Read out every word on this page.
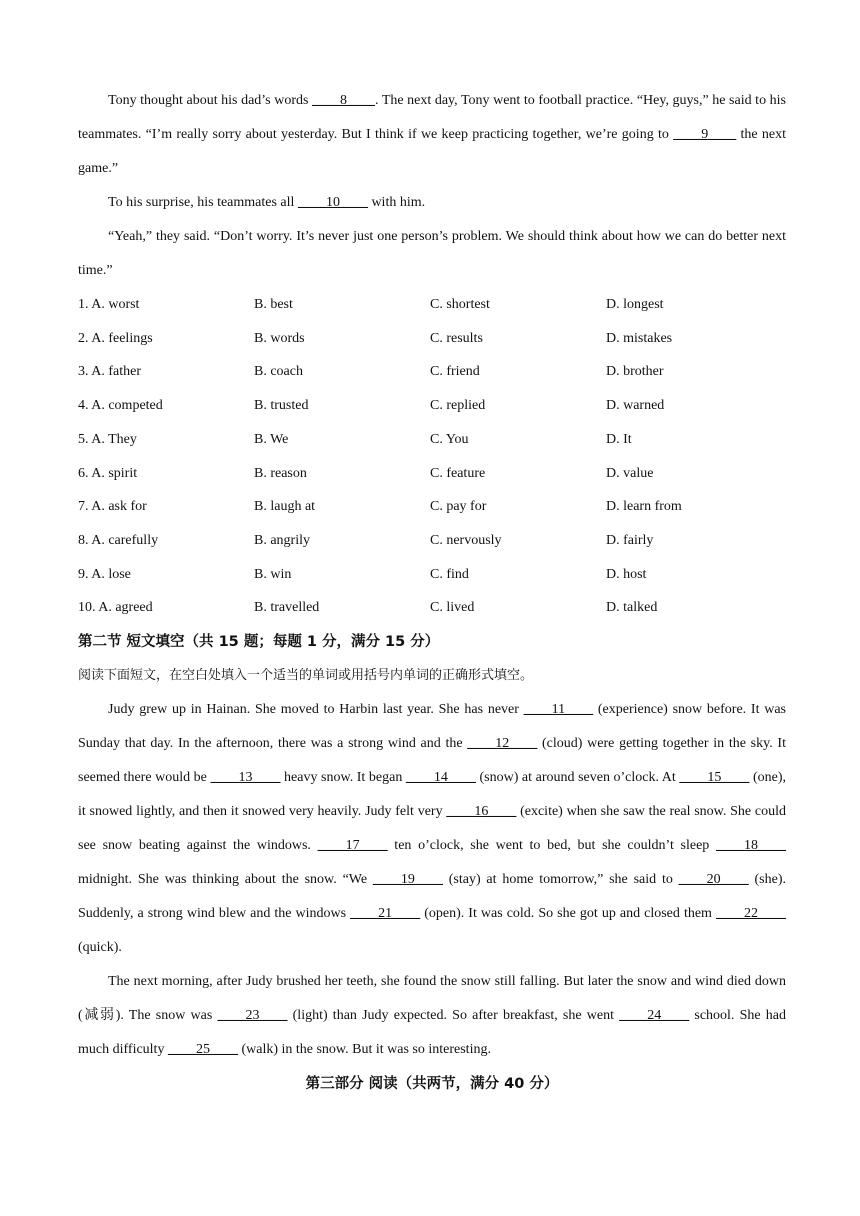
Tony thought about his dad’s words ____8____. The next day, Tony went to football practice. “Hey, guys,” he said to his teammates. “I’m really sorry about yesterday. But I think if we keep practicing together, we’re going to ____9____ the next game.”

To his surprise, his teammates all ____10____ with him.

“Yeah,” they said. “Don’t worry. It’s never just one person’s problem. We should think about how we can do better next time.”

1. A. worst	B. best	C. shortest	D. longest
2. A. feelings	B. words	C. results	D. mistakes
3. A. father	B. coach	C. friend	D. brother
4. A. competed	B. trusted	C. replied	D. warned
5. A. They	B. We	C. You	D. It
6. A. spirit	B. reason	C. feature	D. value
7. A. ask for	B. laugh at	C. pay for	D. learn from
8. A. carefully	B. angrily	C. nervously	D. fairly
9. A. lose	B. win	C. find	D. host
10. A. agreed	B. travelled	C. lived	D. talked

第二节 短文填空（共 15 题；每题 1 分，满分 15 分）

阅读下面短文，在空白处填入一个适当的单词或用括号内单词的正确形式填空。

Judy grew up in Hainan. She moved to Harbin last year. She has never ____11____ (experience) snow before. It was Sunday that day. In the afternoon, there was a strong wind and the ____12____ (cloud) were getting together in the sky. It seemed there would be ____13____ heavy snow. It began ____14____ (snow) at around seven o’clock. At ____15____ (one), it snowed lightly, and then it snowed very heavily. Judy felt very ____16____ (excite) when she saw the real snow. She could see snow beating against the windows. ____17____ ten o’clock, she went to bed, but she couldn’t sleep ____18____ midnight. She was thinking about the snow. “We ____19____ (stay) at home tomorrow,” she said to ____20____ (she). Suddenly, a strong wind blew and the windows ____21____ (open). It was cold. So she got up and closed them ____22____ (quick).

The next morning, after Judy brushed her teeth, she found the snow still falling. But later the snow and wind died down (减弱). The snow was ____23____ (light) than Judy expected. So after breakfast, she went ____24____ school. She had much difficulty ____25____ (walk) in the snow. But it was so interesting.

第三部分 阅读（共两节，满分 40 分）
